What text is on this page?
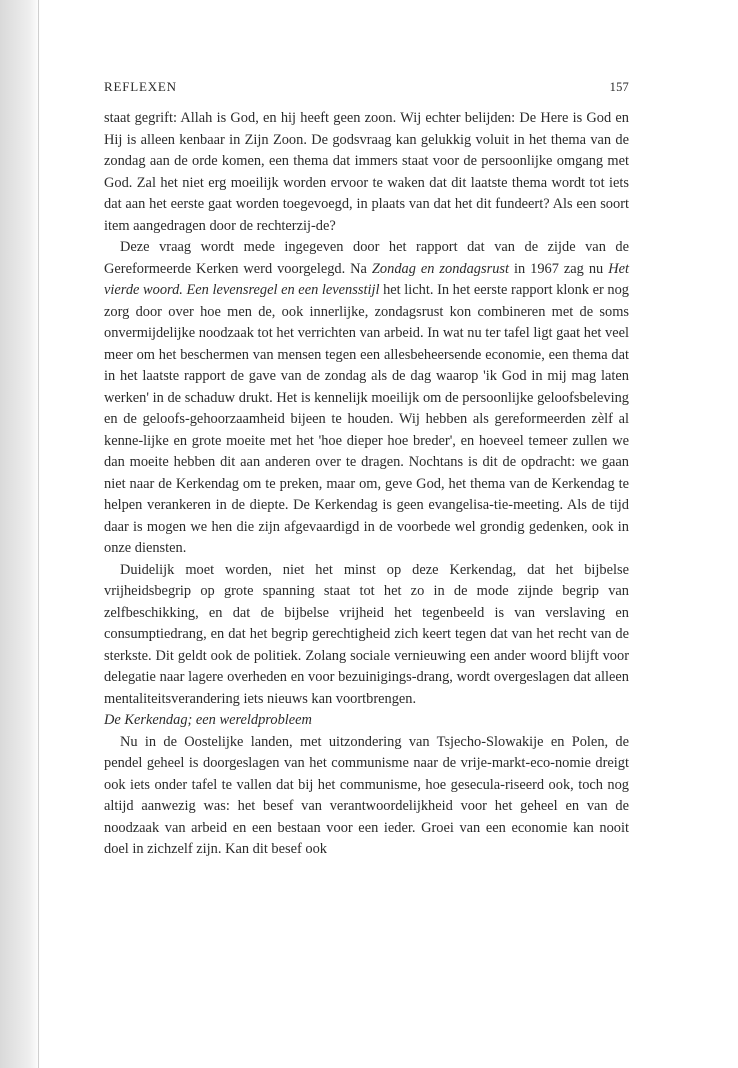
REFLEXEN	157

staat gegrift: Allah is God, en hij heeft geen zoon. Wij echter belijden: De Here is God en Hij is alleen kenbaar in Zijn Zoon. De godsvraag kan gelukkig voluit in het thema van de zondag aan de orde komen, een thema dat immers staat voor de persoonlijke omgang met God. Zal het niet erg moeilijk worden ervoor te waken dat dit laatste thema wordt tot iets dat aan het eerste gaat worden toegevoegd, in plaats van dat het dit fundeert? Als een soort item aangedragen door de rechterzij-de?

Deze vraag wordt mede ingegeven door het rapport dat van de zijde van de Gereformeerde Kerken werd voorgelegd. Na Zondag en zondagsrust in 1967 zag nu Het vierde woord. Een levensregel en een levensstijl het licht. In het eerste rapport klonk er nog zorg door over hoe men de, ook innerlijke, zondagsrust kon combineren met de soms onvermijdelijke noodzaak tot het verrichten van arbeid. In wat nu ter tafel ligt gaat het veel meer om het beschermen van mensen tegen een allesbeheersende economie, een thema dat in het laatste rapport de gave van de zondag als de dag waarop 'ik God in mij mag laten werken' in de schaduw drukt. Het is kennelijk moeilijk om de persoonlijke geloofsbeleving en de geloofs-gehoorzaamheid bijeen te houden. Wij hebben als gereformeerden zèlf al kenne-lijke en grote moeite met het 'hoe dieper hoe breder', en hoeveel temeer zullen we dan moeite hebben dit aan anderen over te dragen. Nochtans is dit de opdracht: we gaan niet naar de Kerkendag om te preken, maar om, geve God, het thema van de Kerkendag te helpen verankeren in de diepte. De Kerkendag is geen evangelisa-tie-meeting. Als de tijd daar is mogen we hen die zijn afgevaardigd in de voorbede wel grondig gedenken, ook in onze diensten.

Duidelijk moet worden, niet het minst op deze Kerkendag, dat het bijbelse vrijheidsbegrip op grote spanning staat tot het zo in de mode zijnde begrip van zelfbeschikking, en dat de bijbelse vrijheid het tegenbeeld is van verslaving en consumptiedrang, en dat het begrip gerechtigheid zich keert tegen dat van het recht van de sterkste. Dit geldt ook de politiek. Zolang sociale vernieuwing een ander woord blijft voor delegatie naar lagere overheden en voor bezuinigings-drang, wordt overgeslagen dat alleen mentaliteitsverandering iets nieuws kan voortbrengen.

De Kerkendag; een wereldprobleem

Nu in de Oostelijke landen, met uitzondering van Tsjecho-Slowakije en Polen, de pendel geheel is doorgeslagen van het communisme naar de vrije-markt-eco-nomie dreigt ook iets onder tafel te vallen dat bij het communisme, hoe gesecula-riseerd ook, toch nog altijd aanwezig was: het besef van verantwoordelijkheid voor het geheel en van de noodzaak van arbeid en een bestaan voor een ieder. Groei van een economie kan nooit doel in zichzelf zijn. Kan dit besef ook
